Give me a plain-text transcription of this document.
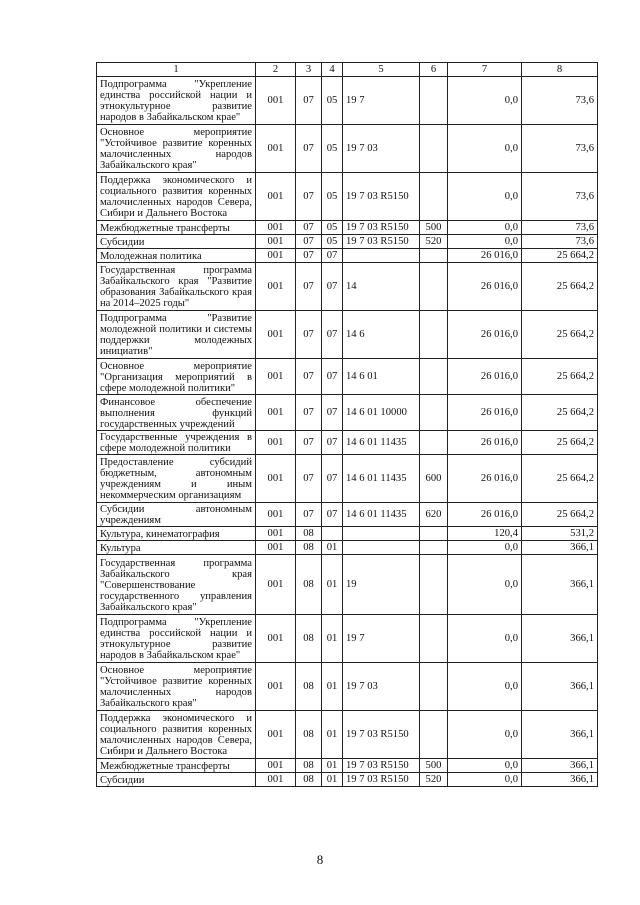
1	2	3	4	5	6	7	8
Подпрограмма "Укрепление единства российской нации и этнокультурное развитие народов в Забайкальском крае"	001	07	05	19 7		0,0	73,6
Основное мероприятие "Устойчивое развитие коренных малочисленных народов Забайкальского края"	001	07	05	19 7 03		0,0	73,6
Поддержка экономического и социального развития коренных малочисленных народов Севера, Сибири и Дальнего Востока	001	07	05	19 7 03 R5150		0,0	73,6
Межбюджетные трансферты	001	07	05	19 7 03 R5150	500	0,0	73,6
Субсидии	001	07	05	19 7 03 R5150	520	0,0	73,6
Молодежная политика	001	07	07			26 016,0	25 664,2
Государственная программа Забайкальского края "Развитие образования Забайкальского края на 2014–2025 годы"	001	07	07	14		26 016,0	25 664,2
Подпрограмма "Развитие молодежной политики и системы поддержки молодежных инициатив"	001	07	07	14 6		26 016,0	25 664,2
Основное мероприятие "Организация мероприятий в сфере молодежной политики"	001	07	07	14 6 01		26 016,0	25 664,2
Финансовое обеспечение выполнения функций государственных учреждений	001	07	07	14 6 01 10000		26 016,0	25 664,2
Государственные учреждения в сфере молодежной политики	001	07	07	14 6 01 11435		26 016,0	25 664,2
Предоставление субсидий бюджетным, автономным учреждениям и иным некоммерческим организациям	001	07	07	14 6 01 11435	600	26 016,0	25 664,2
Субсидии автономным учреждениям	001	07	07	14 6 01 11435	620	26 016,0	25 664,2
Культура, кинематография	001	08				120,4	531,2
Культура	001	08	01			0,0	366,1
Государственная программа Забайкальского края "Совершенствование государственного управления Забайкальского края"	001	08	01	19		0,0	366,1
Подпрограмма "Укрепление единства российской нации и этнокультурное развитие народов в Забайкальском крае"	001	08	01	19 7		0,0	366,1
Основное мероприятие "Устойчивое развитие коренных малочисленных народов Забайкальского края"	001	08	01	19 7 03		0,0	366,1
Поддержка экономического и социального развития коренных малочисленных народов Севера, Сибири и Дальнего Востока	001	08	01	19 7 03 R5150		0,0	366,1
Межбюджетные трансферты	001	08	01	19 7 03 R5150	500	0,0	366,1
Субсидии	001	08	01	19 7 03 R5150	520	0,0	366,1
8
